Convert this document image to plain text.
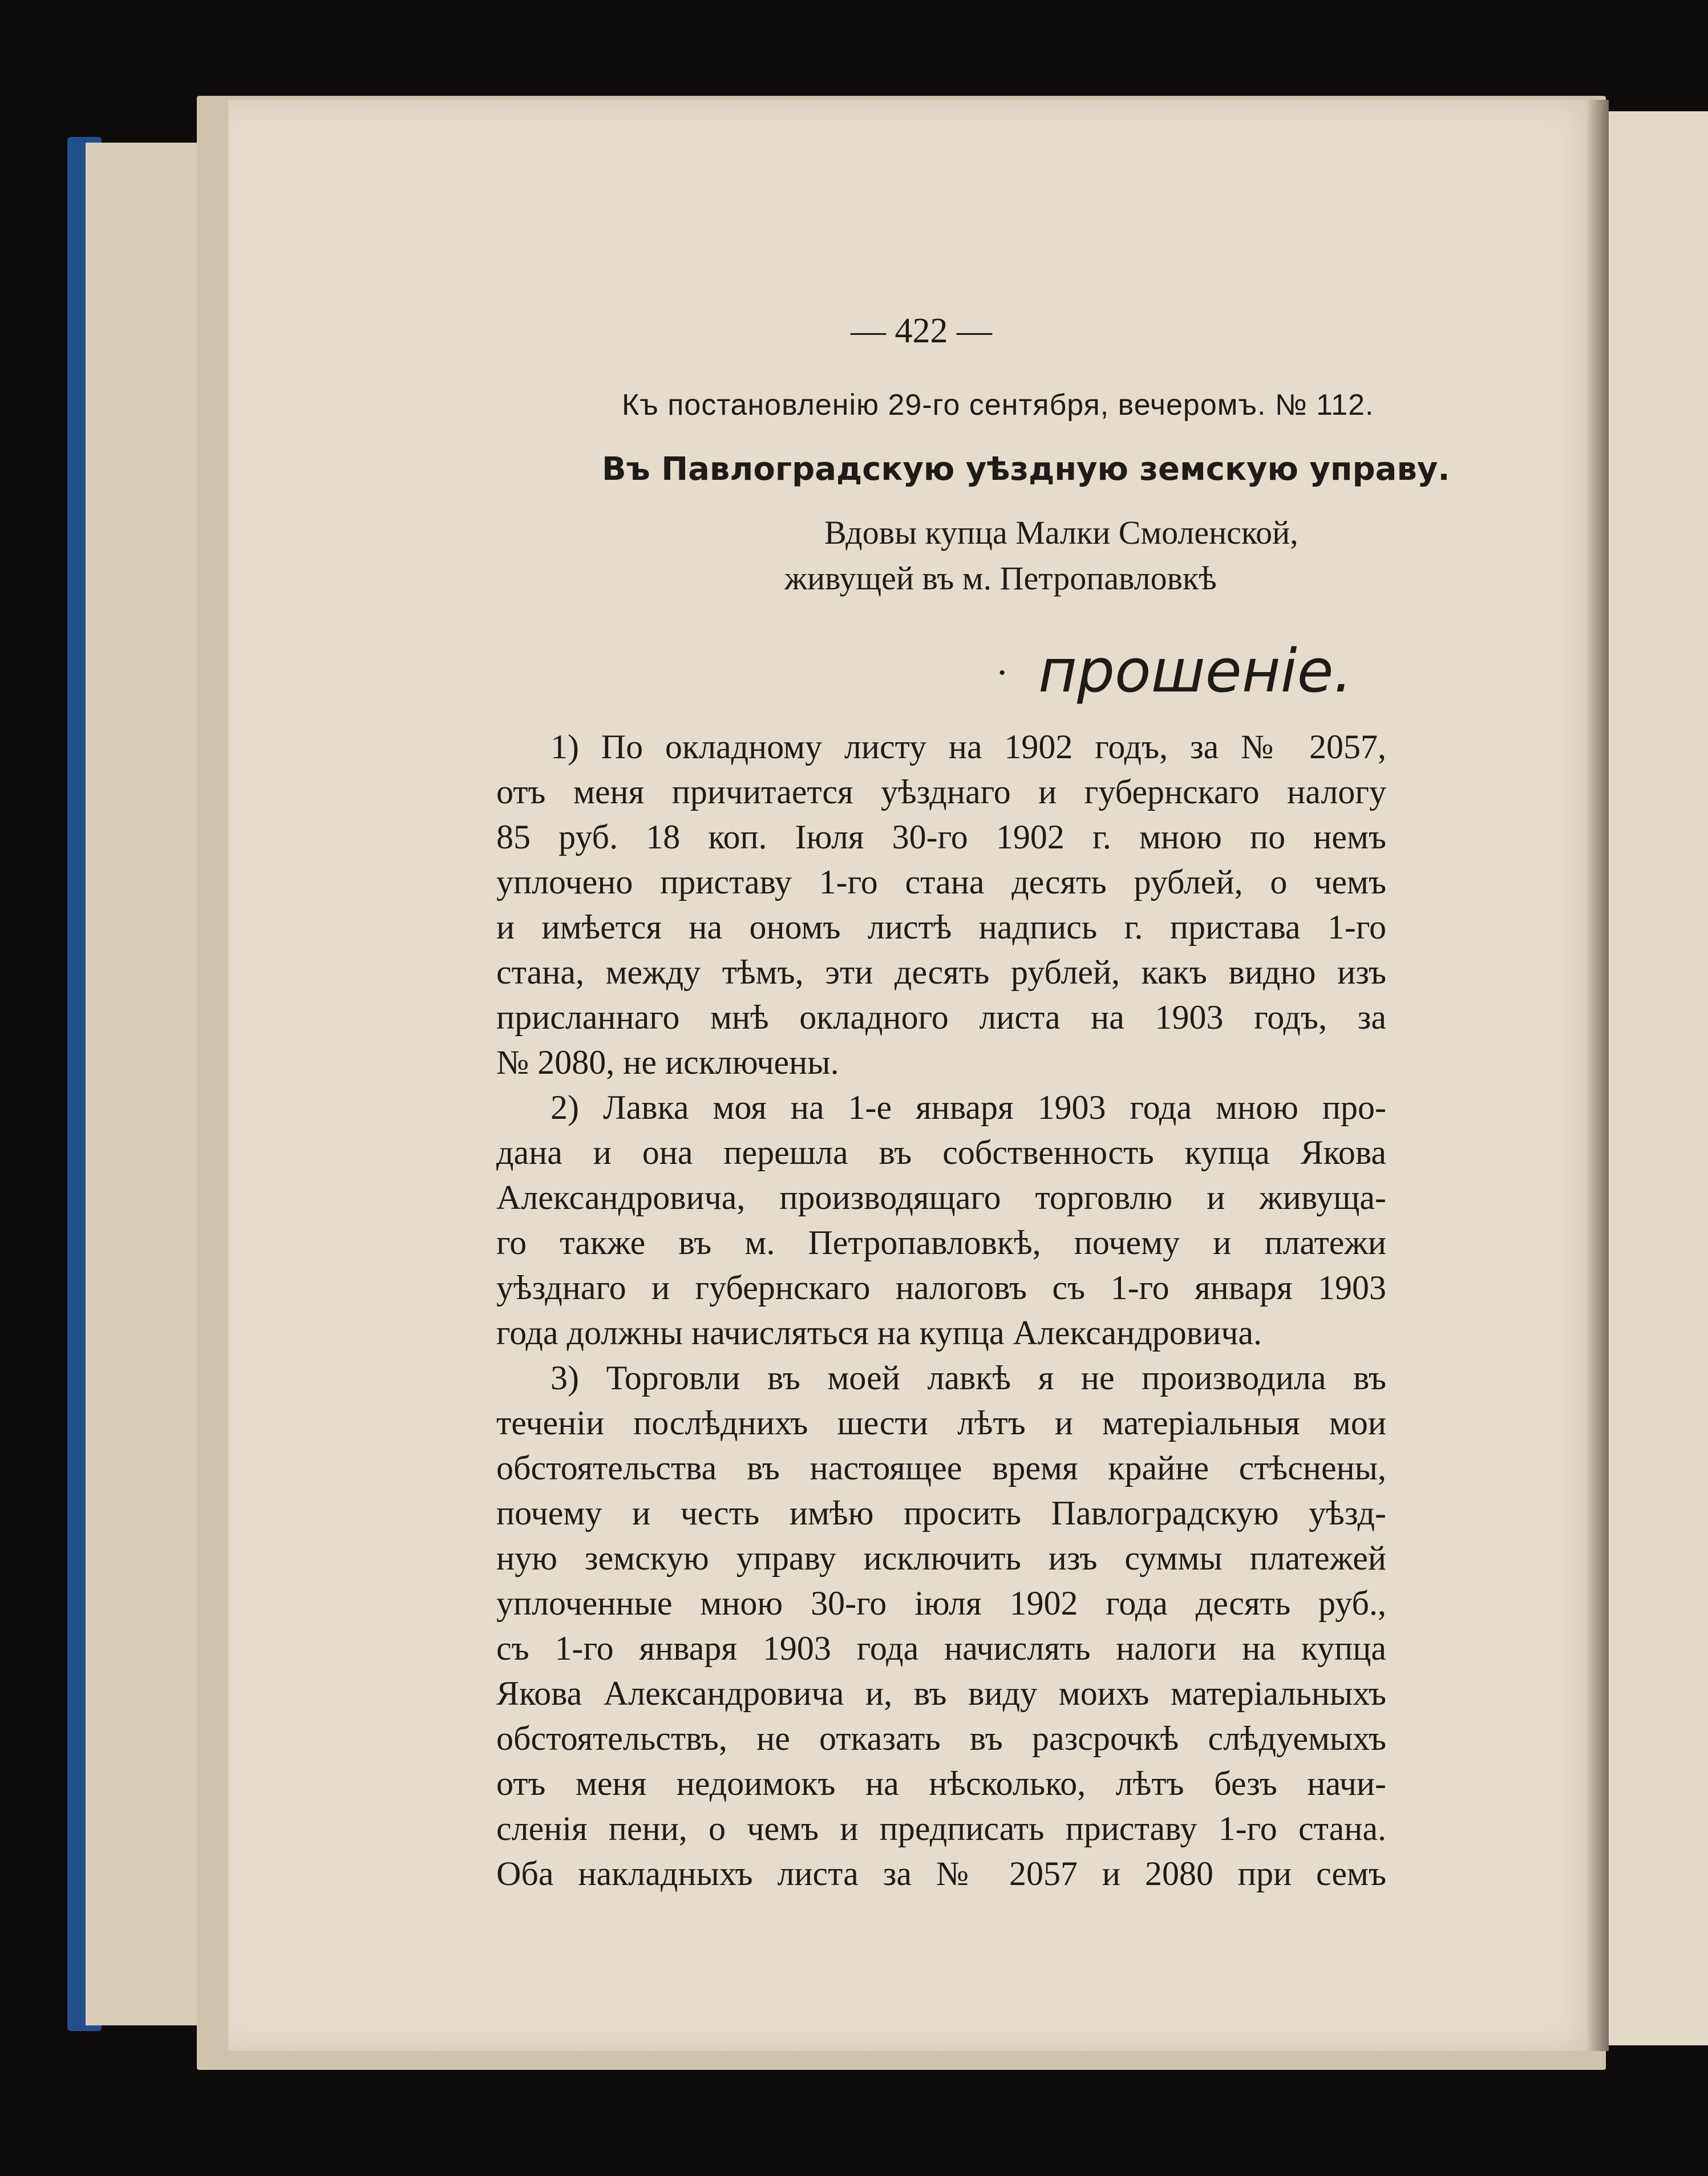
— 422 —
Къ постановленію 29-го сентября, вечеромъ. № 112.
Въ Павлоградскую уѣздную земскую управу.
Вдовы купца Малки Смоленской,
живущей въ м. Петропавловкѣ
· прошеніе.
1) По окладному листу на 1902 годъ, за № 2057,
отъ меня причитается уѣзднаго и губернскаго налогу
85 руб. 18 коп. Іюля 30-го 1902 г. мною по немъ
уплочено приставу 1-го стана десять рублей, о чемъ
и имѣется на ономъ листѣ надпись г. пристава 1-го
стана, между тѣмъ, эти десять рублей, какъ видно изъ
присланнаго мнѣ окладного листа на 1903 годъ, за
№ 2080, не исключены.
2) Лавка моя на 1-е января 1903 года мною про-
дана и она перешла въ собственность купца Якова
Александровича, производящаго торговлю и живуща-
го также въ м. Петропавловкѣ, почему и платежи
уѣзднаго и губернскаго налоговъ съ 1-го января 1903
года должны начисляться на купца Александровича.
3) Торговли въ моей лавкѣ я не производила въ
теченіи послѣднихъ шести лѣтъ и матеріальныя мои
обстоятельства въ настоящее время крайне стѣснены,
почему и честь имѣю просить Павлоградскую уѣзд-
ную земскую управу исключить изъ суммы платежей
уплоченные мною 30-го іюля 1902 года десять руб.,
съ 1-го января 1903 года начислять налоги на купца
Якова Александровича и, въ виду моихъ матеріальныхъ
обстоятельствъ, не отказать въ разсрочкѣ слѣдуемыхъ
отъ меня недоимокъ на нѣсколько, лѣтъ безъ начи-
сленія пени, о чемъ и предписать приставу 1-го стана.
Оба накладныхъ листа за № 2057 и 2080 при семъ
